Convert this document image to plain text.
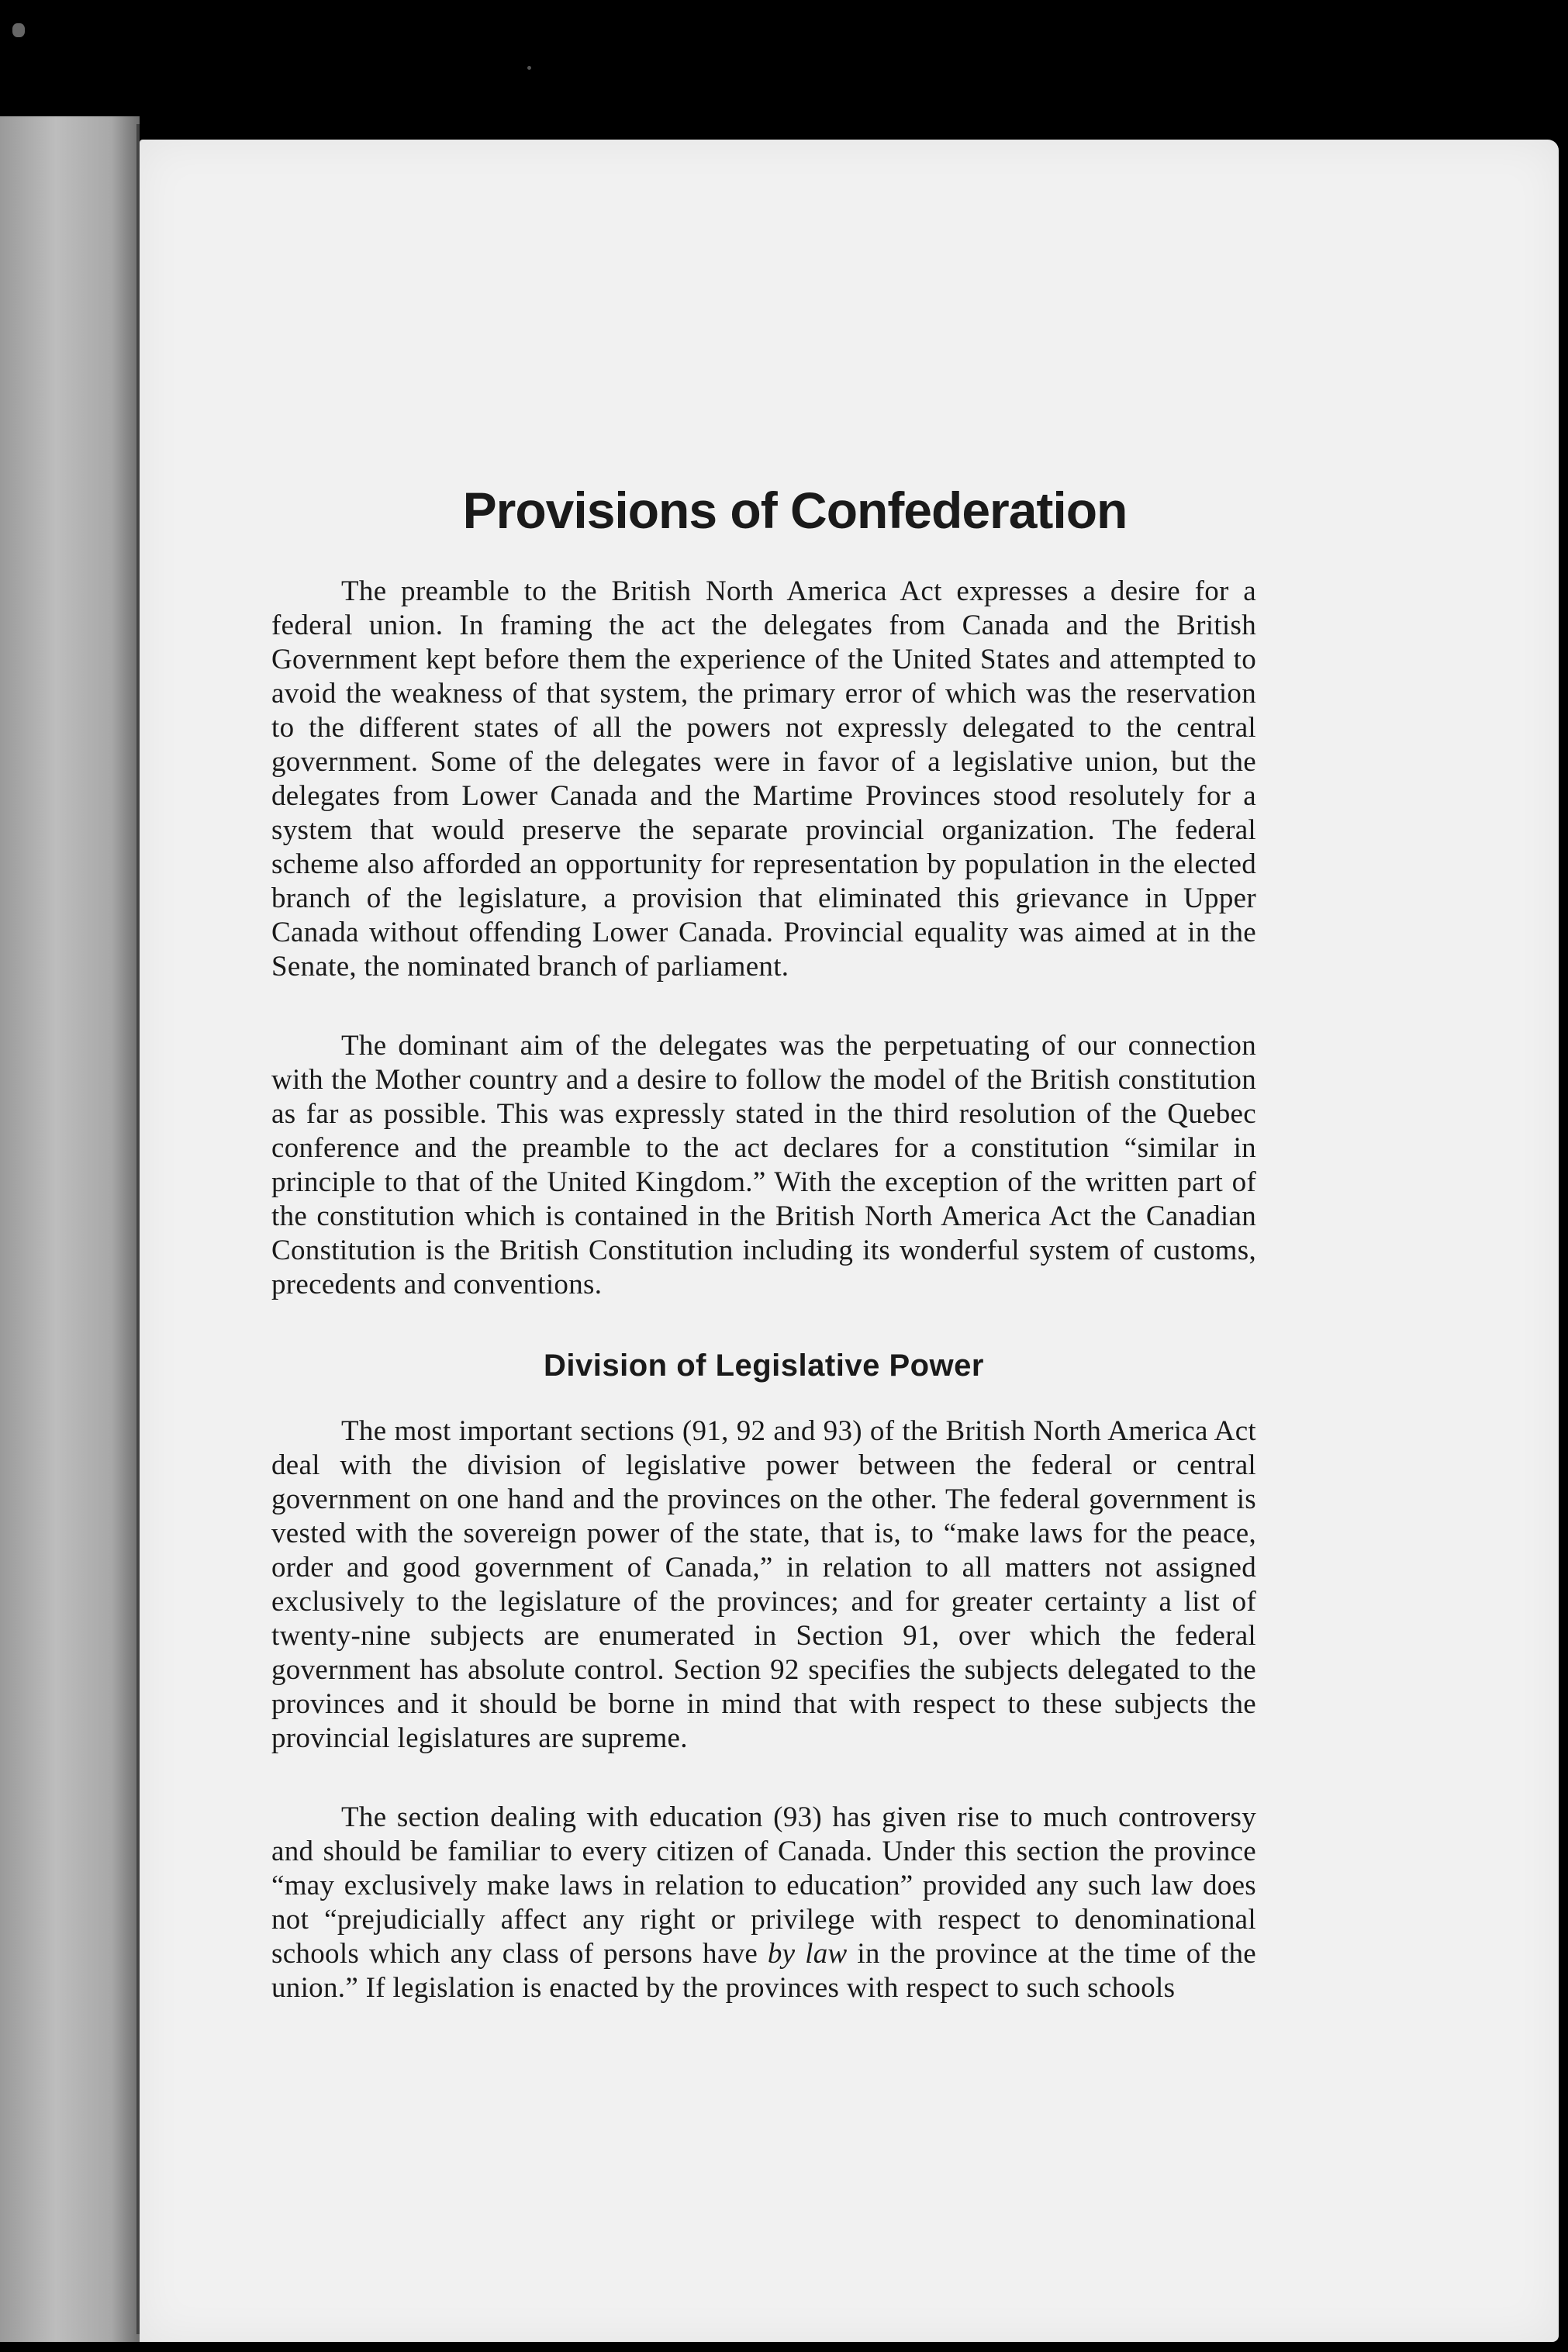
Provisions of Confederation

The preamble to the British North America Act expresses a desire for a federal union. In framing the act the delegates from Canada and the British Government kept before them the experience of the United States and attempted to avoid the weakness of that system, the primary error of which was the reservation to the different states of all the powers not expressly delegated to the central government. Some of the delegates were in favor of a legislative union, but the delegates from Lower Canada and the Martime Provinces stood resolutely for a system that would preserve the separate provincial organization. The federal scheme also afforded an opportunity for representation by population in the elected branch of the legislature, a provision that eliminated this grievance in Upper Canada without offending Lower Canada. Provincial equality was aimed at in the Senate, the nominated branch of parliament.

The dominant aim of the delegates was the perpetuating of our connection with the Mother country and a desire to follow the model of the British constitution as far as possible. This was expressly stated in the third resolution of the Quebec conference and the preamble to the act declares for a constitution “similar in principle to that of the United Kingdom.” With the exception of the written part of the constitution which is contained in the British North America Act the Canadian Constitution is the British Constitution including its wonderful system of customs, precedents and conventions.

Division of Legislative Power

The most important sections (91, 92 and 93) of the British North America Act deal with the division of legislative power between the federal or central government on one hand and the provinces on the other. The federal government is vested with the sovereign power of the state, that is, to “make laws for the peace, order and good government of Canada,” in relation to all matters not assigned exclusively to the legislature of the provinces; and for greater certainty a list of twenty-nine subjects are enumerated in Section 91, over which the federal government has absolute control. Section 92 specifies the subjects delegated to the provinces and it should be borne in mind that with respect to these subjects the provincial legislatures are supreme.

The section dealing with education (93) has given rise to much controversy and should be familiar to every citizen of Canada. Under this section the province “may exclusively make laws in relation to education” provided any such law does not “prejudicially affect any right or privilege with respect to denominational schools which any class of persons have by law in the province at the time of the union.” If legislation is enacted by the provinces with respect to such schools
